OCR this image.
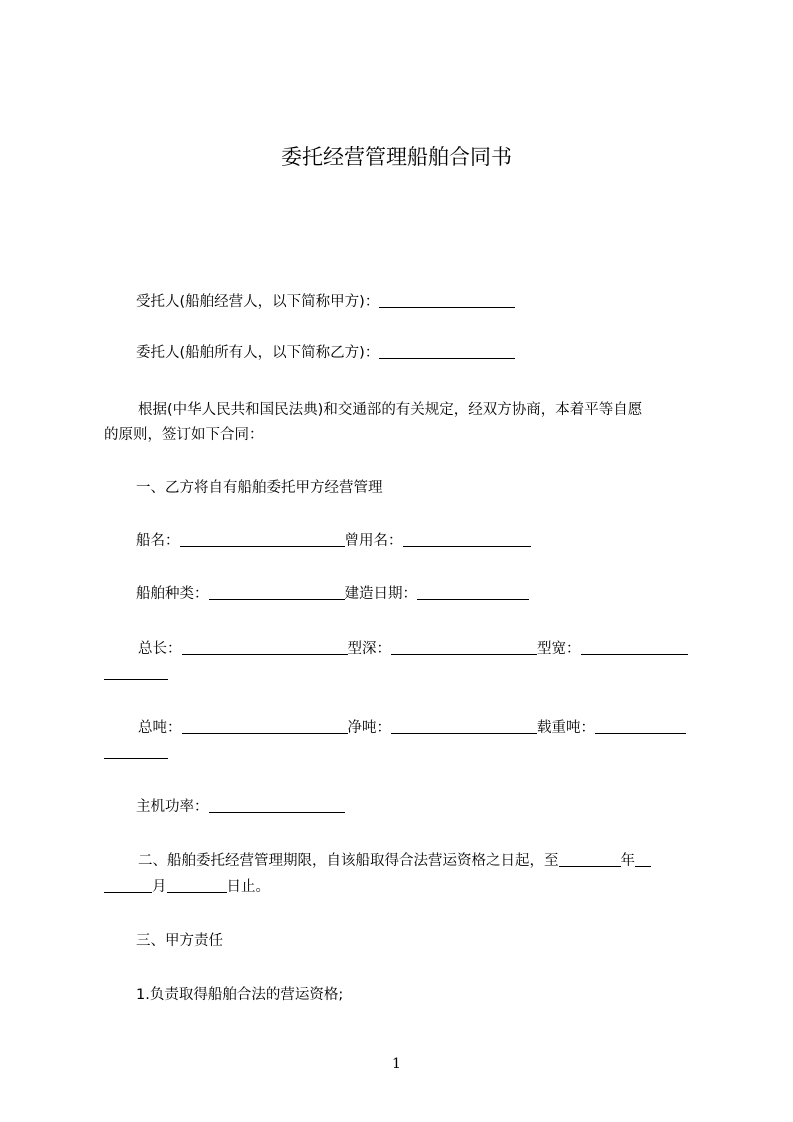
委托经营管理船舶合同书
受托人(船舶经营人，以下简称甲方)：
委托人(船舶所有人，以下简称乙方)：
根据(中华人民共和国民法典)和交通部的有关规定，经双方协商，本着平等自愿
的原则，签订如下合同：
一、乙方将自有船舶委托甲方经营管理
船名：	曾用名：
船舶种类：	建造日期：
总长：	型深：	型宽：
总吨：	净吨：	载重吨：
主机功率：
二、船舶委托经营管理期限，自该船取得合法营运资格之日起，至	年
月	日止。
三、甲方责任
1.负责取得船舶合法的营运资格;
1
